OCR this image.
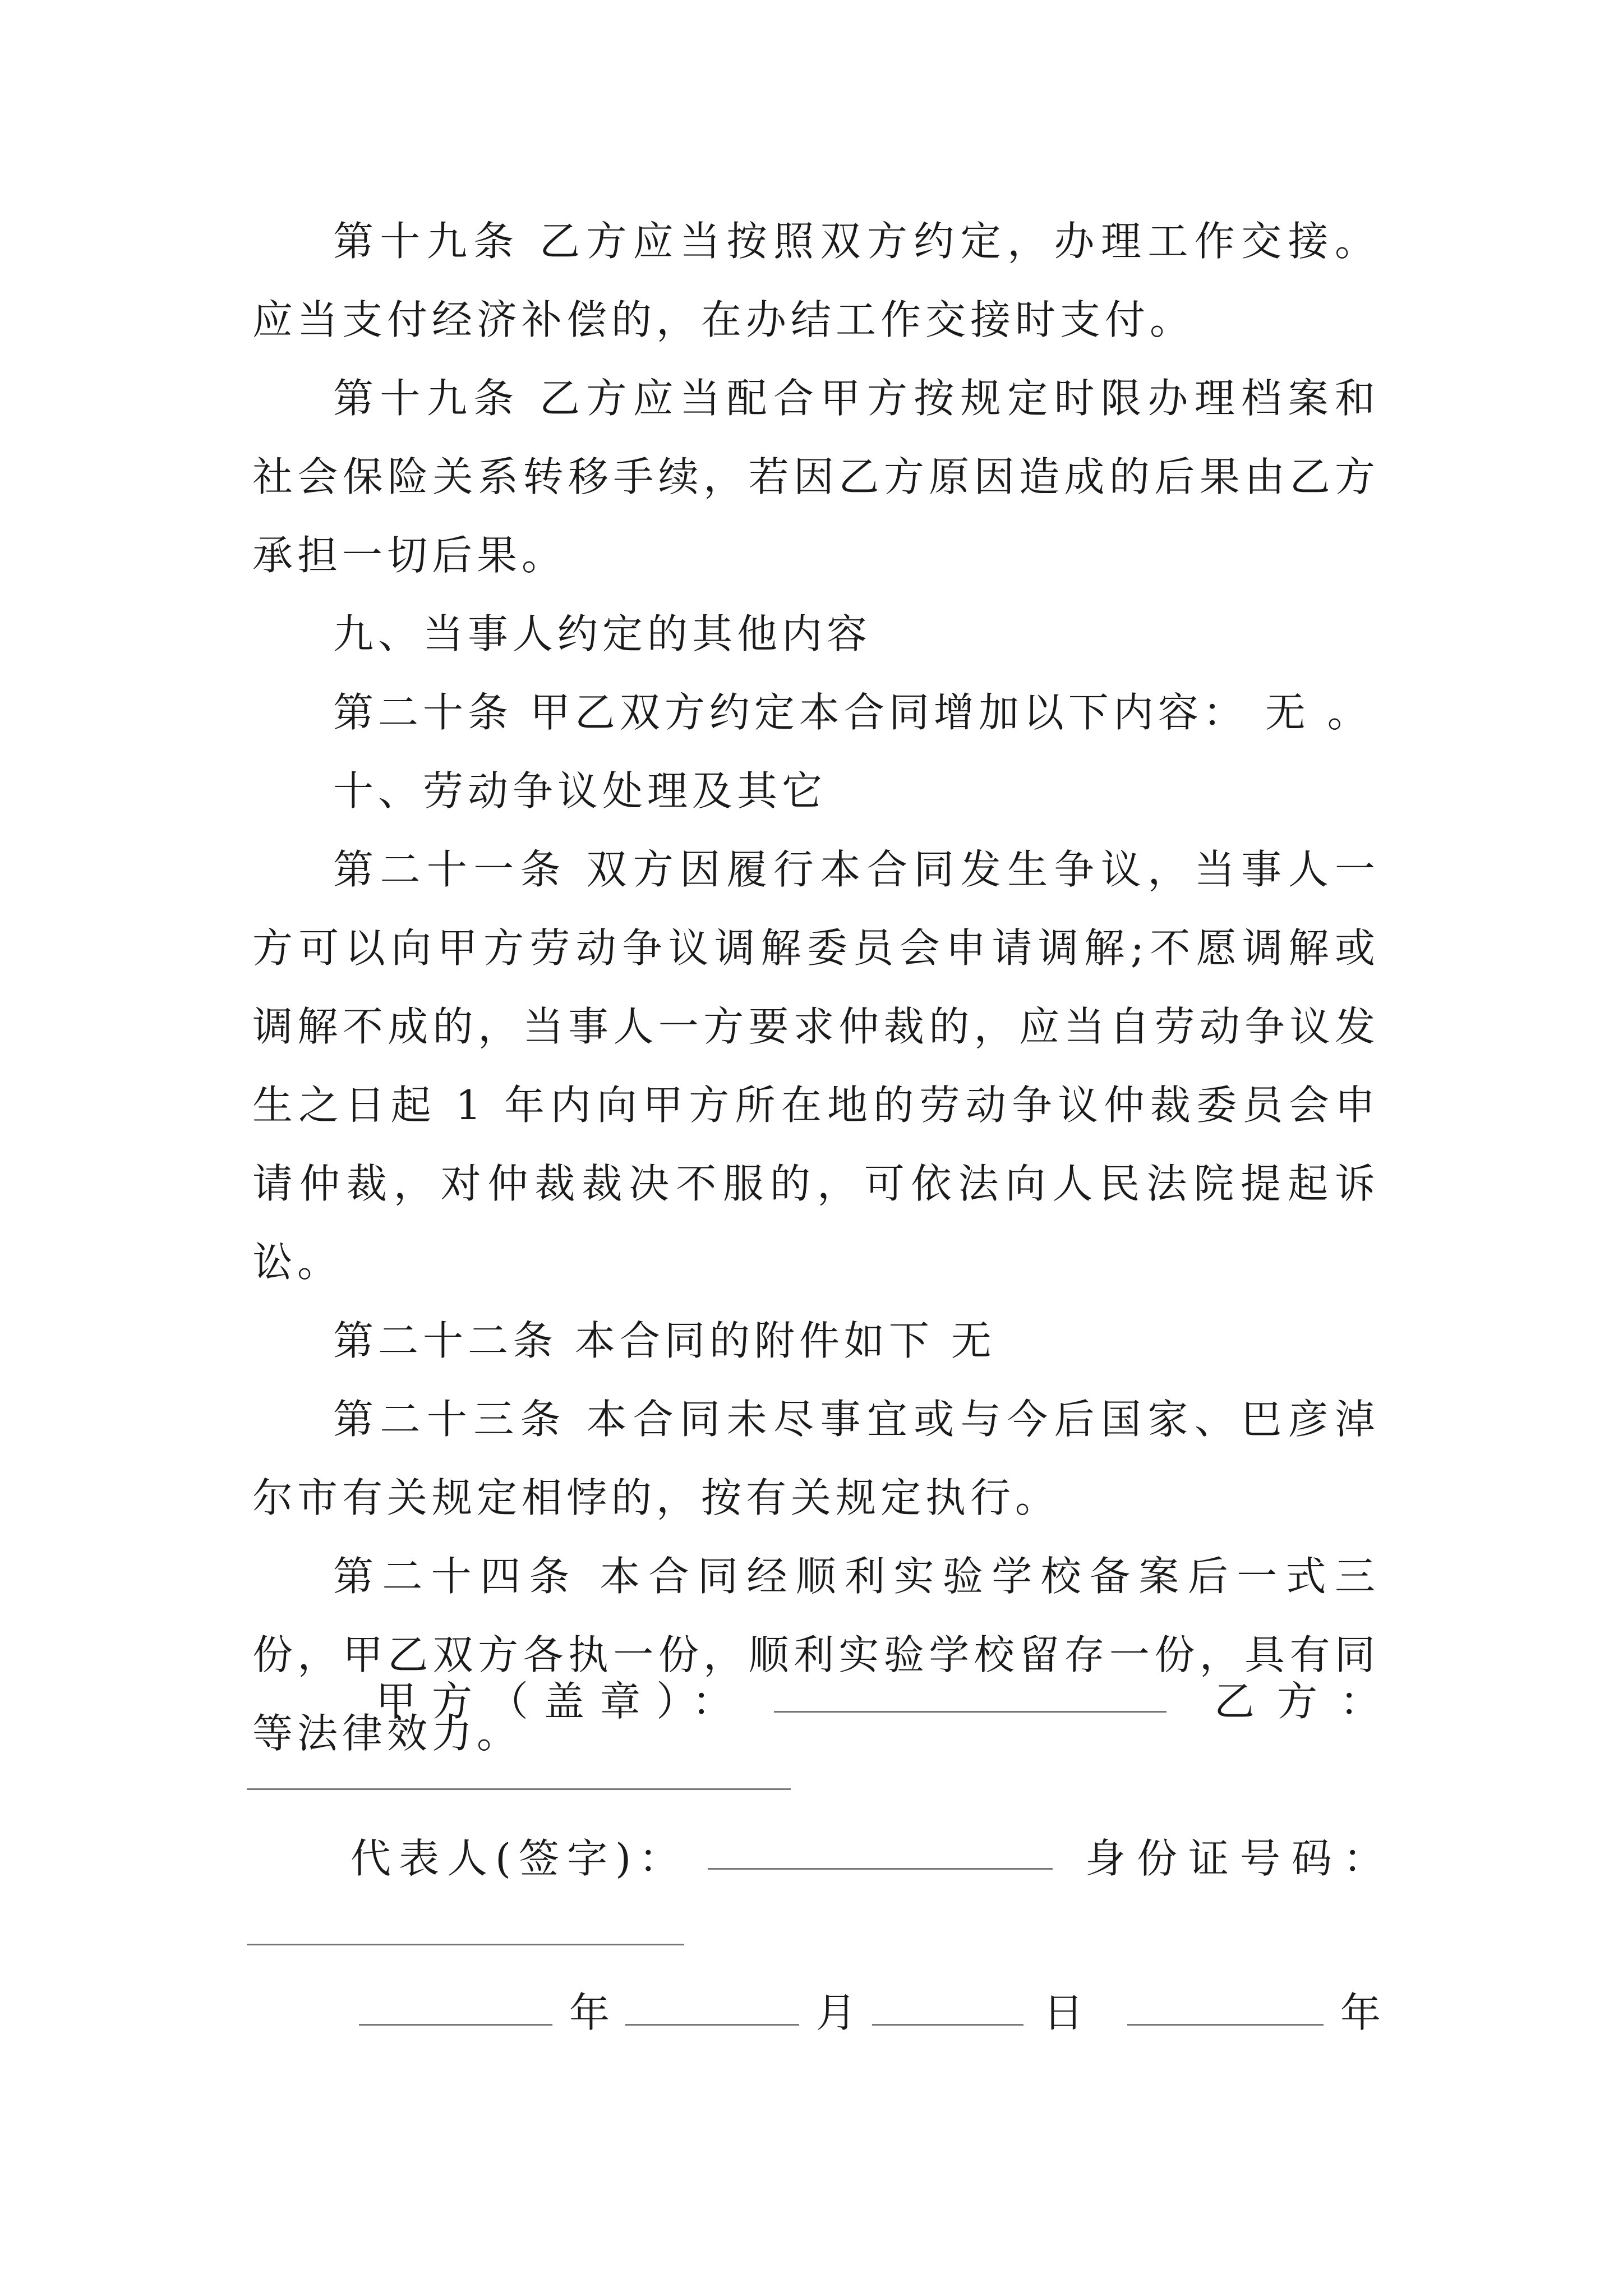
第十九条 乙方应当按照双方约定，办理工作交接。应当支付经济补偿的，在办结工作交接时支付。

第十九条 乙方应当配合甲方按规定时限办理档案和社会保险关系转移手续，若因乙方原因造成的后果由乙方承担一切后果。

九、当事人约定的其他内容

第二十条 甲乙双方约定本合同增加以下内容： 无 。

十、劳动争议处理及其它

第二十一条 双方因履行本合同发生争议，当事人一方可以向甲方劳动争议调解委员会申请调解;不愿调解或调解不成的，当事人一方要求仲裁的，应当自劳动争议发生之日起 1 年内向甲方所在地的劳动争议仲裁委员会申请仲裁，对仲裁裁决不服的，可依法向人民法院提起诉讼。

第二十二条 本合同的附件如下 无

第二十三条 本合同未尽事宜或与今后国家、巴彦淖尔市有关规定相悖的，按有关规定执行。

第二十四条 本合同经顺利实验学校备案后一式三份，甲乙双方各执一份，顺利实验学校留存一份，具有同等法律效力。

甲方（盖章）：	乙方：
代表人(签字)：	身份证号码：
年	月	日	年
